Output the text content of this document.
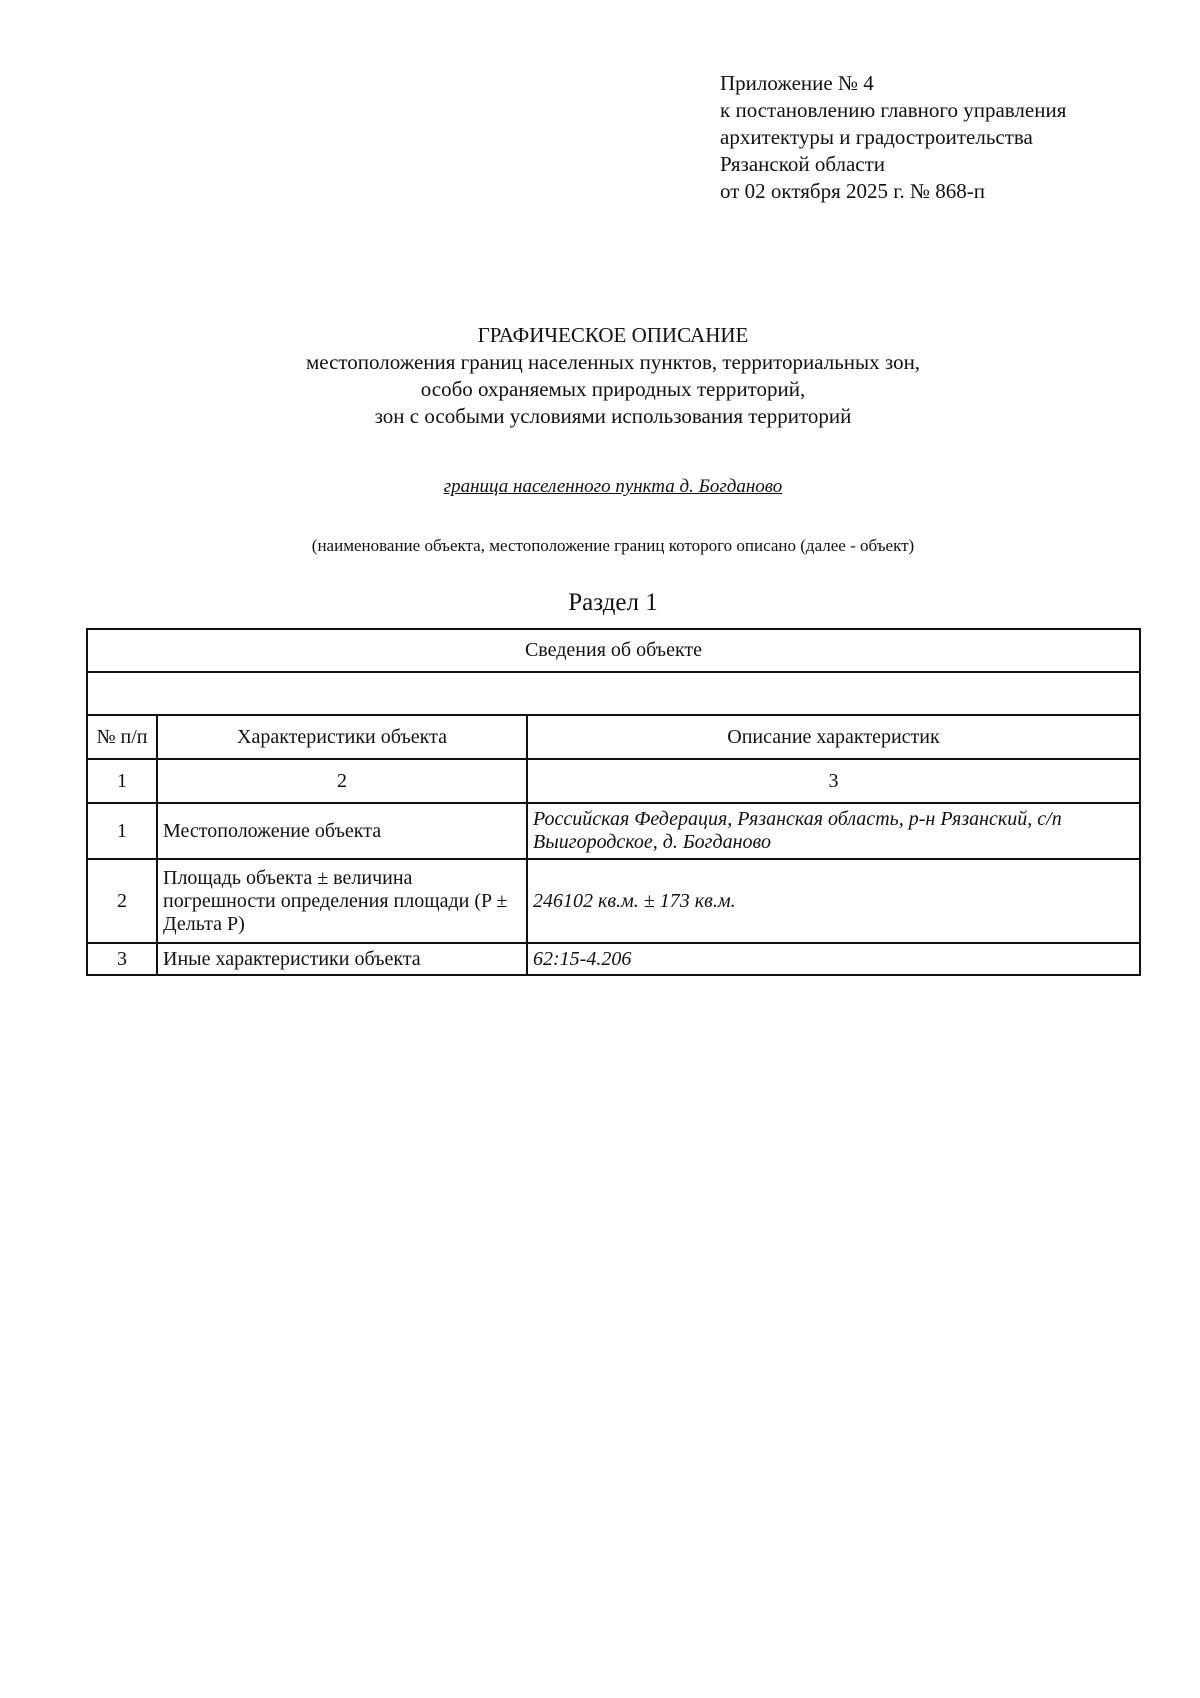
Приложение № 4
к постановлению главного управления
архитектуры и градостроительства
Рязанской области
от 02 октября 2025 г. № 868-п
ГРАФИЧЕСКОЕ ОПИСАНИЕ
местоположения границ населенных пунктов, территориальных зон,
особо охраняемых природных территорий,
зон с особыми условиями использования территорий
граница населенного пункта д. Богданово
(наименование объекта, местоположение границ которого описано (далее - объект)
Раздел 1
Сведения об объекте		

№ п/п	Характеристики объекта	Описание характеристик
1	2	3
1	Местоположение объекта	Российская Федерация, Рязанская область, р-н Рязанский, с/п Выигородское, д. Богданово
2	Площадь объекта ± величина погрешности определения площади (P ± Дельта P)	246102 кв.м. ± 173 кв.м.
3	Иные характеристики объекта	62:15-4.206
